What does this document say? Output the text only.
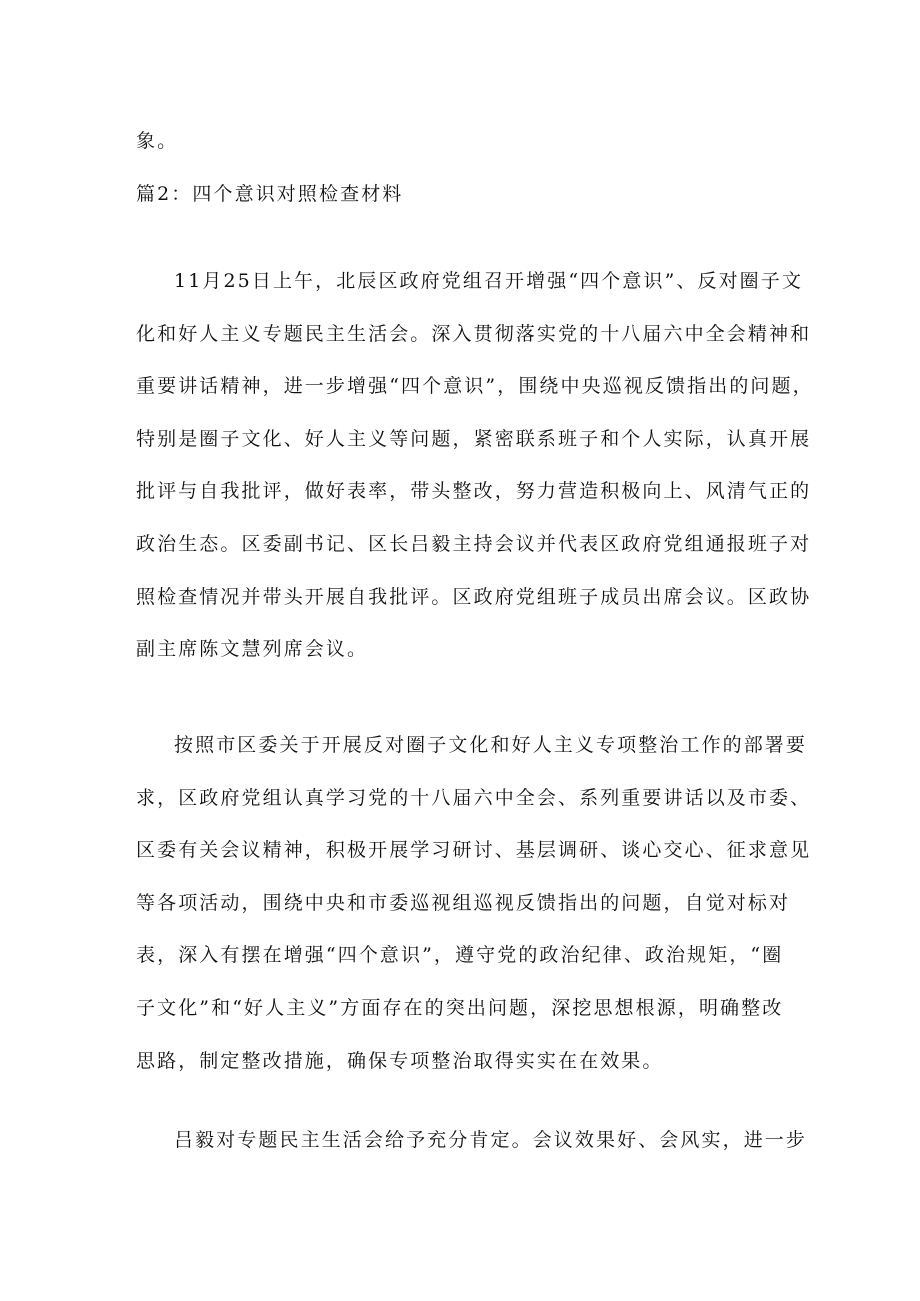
象。

篇2：四个意识对照检查材料

11月25日上午，北辰区政府党组召开增强“四个意识”、反对圈子文
化和好人主义专题民主生活会。深入贯彻落实党的十八届六中全会精神和
重要讲话精神，进一步增强“四个意识”，围绕中央巡视反馈指出的问题，
特别是圈子文化、好人主义等问题，紧密联系班子和个人实际，认真开展
批评与自我批评，做好表率，带头整改，努力营造积极向上、风清气正的
政治生态。区委副书记、区长吕毅主持会议并代表区政府党组通报班子对
照检查情况并带头开展自我批评。区政府党组班子成员出席会议。区政协
副主席陈文慧列席会议。

按照市区委关于开展反对圈子文化和好人主义专项整治工作的部署要
求，区政府党组认真学习党的十八届六中全会、系列重要讲话以及市委、
区委有关会议精神，积极开展学习研讨、基层调研、谈心交心、征求意见
等各项活动，围绕中央和市委巡视组巡视反馈指出的问题，自觉对标对
表，深入有摆在增强“四个意识”，遵守党的政治纪律、政治规矩，“圈
子文化”和“好人主义”方面存在的突出问题，深挖思想根源，明确整改
思路，制定整改措施，确保专项整治取得实实在在效果。

吕毅对专题民主生活会给予充分肯定。会议效果好、会风实，进一步
